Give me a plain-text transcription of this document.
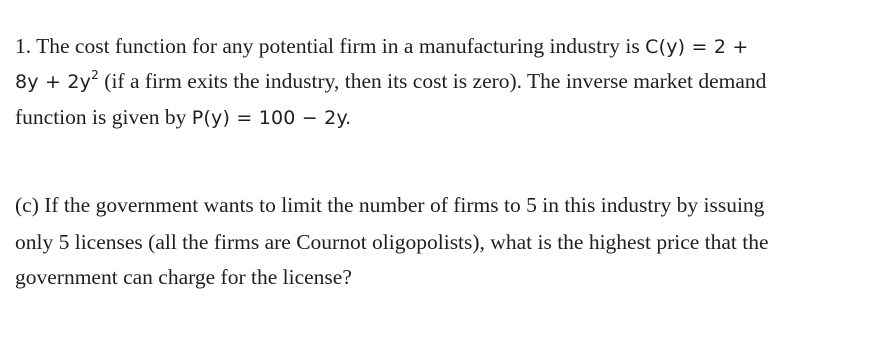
1. The cost function for any potential firm in a manufacturing industry is C(y) = 2 +
$8y + 2y^2$ (if a firm exits the industry, then its cost is zero). The inverse market demand
function is given by P(y) = 100 − 2y.
(c) If the government wants to limit the number of firms to 5 in this industry by issuing
only 5 licenses (all the firms are Cournot oligopolists), what is the highest price that the
government can charge for the license?
